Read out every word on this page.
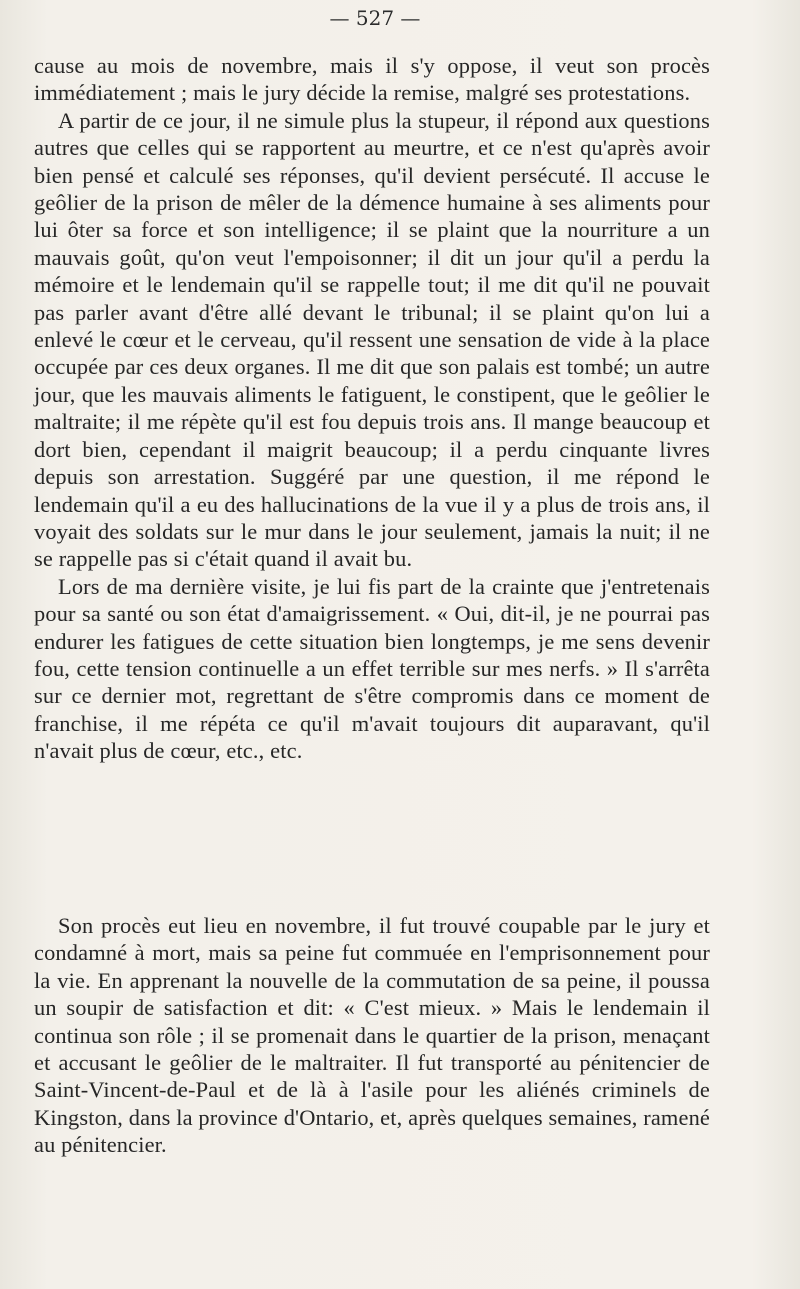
— 527 —

cause au mois de novembre, mais il s'y oppose, il veut son procès immédiatement ; mais le jury décide la remise, malgré ses protestations.

A partir de ce jour, il ne simule plus la stupeur, il répond aux questions autres que celles qui se rapportent au meurtre, et ce n'est qu'après avoir bien pensé et calculé ses réponses, qu'il devient persécuté. Il accuse le geôlier de la prison de mêler de la démence humaine à ses aliments pour lui ôter sa force et son intelligence; il se plaint que la nourriture a un mauvais goût, qu'on veut l'empoisonner; il dit un jour qu'il a perdu la mémoire et le lendemain qu'il se rappelle tout; il me dit qu'il ne pouvait pas parler avant d'être allé devant le tribunal; il se plaint qu'on lui a enlevé le cœur et le cerveau, qu'il ressent une sensation de vide à la place occupée par ces deux organes. Il me dit que son palais est tombé; un autre jour, que les mauvais aliments le fatiguent, le constipent, que le geôlier le maltraite; il me répète qu'il est fou depuis trois ans. Il mange beaucoup et dort bien, cependant il maigrit beaucoup; il a perdu cinquante livres depuis son arrestation. Suggéré par une question, il me répond le lendemain qu'il a eu des hallucinations de la vue il y a plus de trois ans, il voyait des soldats sur le mur dans le jour seulement, jamais la nuit; il ne se rappelle pas si c'était quand il avait bu.

Lors de ma dernière visite, je lui fis part de la crainte que j'entretenais pour sa santé ou son état d'amaigrissement. « Oui, dit-il, je ne pourrai pas endurer les fatigues de cette situation bien longtemps, je me sens devenir fou, cette tension continuelle a un effet terrible sur mes nerfs. » Il s'arrêta sur ce dernier mot, regrettant de s'être compromis dans ce moment de franchise, il me répéta ce qu'il m'avait toujours dit auparavant, qu'il n'avait plus de cœur, etc., etc.

Son procès eut lieu en novembre, il fut trouvé coupable par le jury et condamné à mort, mais sa peine fut commuée en l'emprisonnement pour la vie. En apprenant la nouvelle de la commutation de sa peine, il poussa un soupir de satisfaction et dit: « C'est mieux. » Mais le lendemain il continua son rôle ; il se promenait dans le quartier de la prison, menaçant et accusant le geôlier de le maltraiter. Il fut transporté au pénitencier de Saint-Vincent-de-Paul et de là à l'asile pour les aliénés criminels de Kingston, dans la province d'Ontario, et, après quelques semaines, ramené au pénitencier.
